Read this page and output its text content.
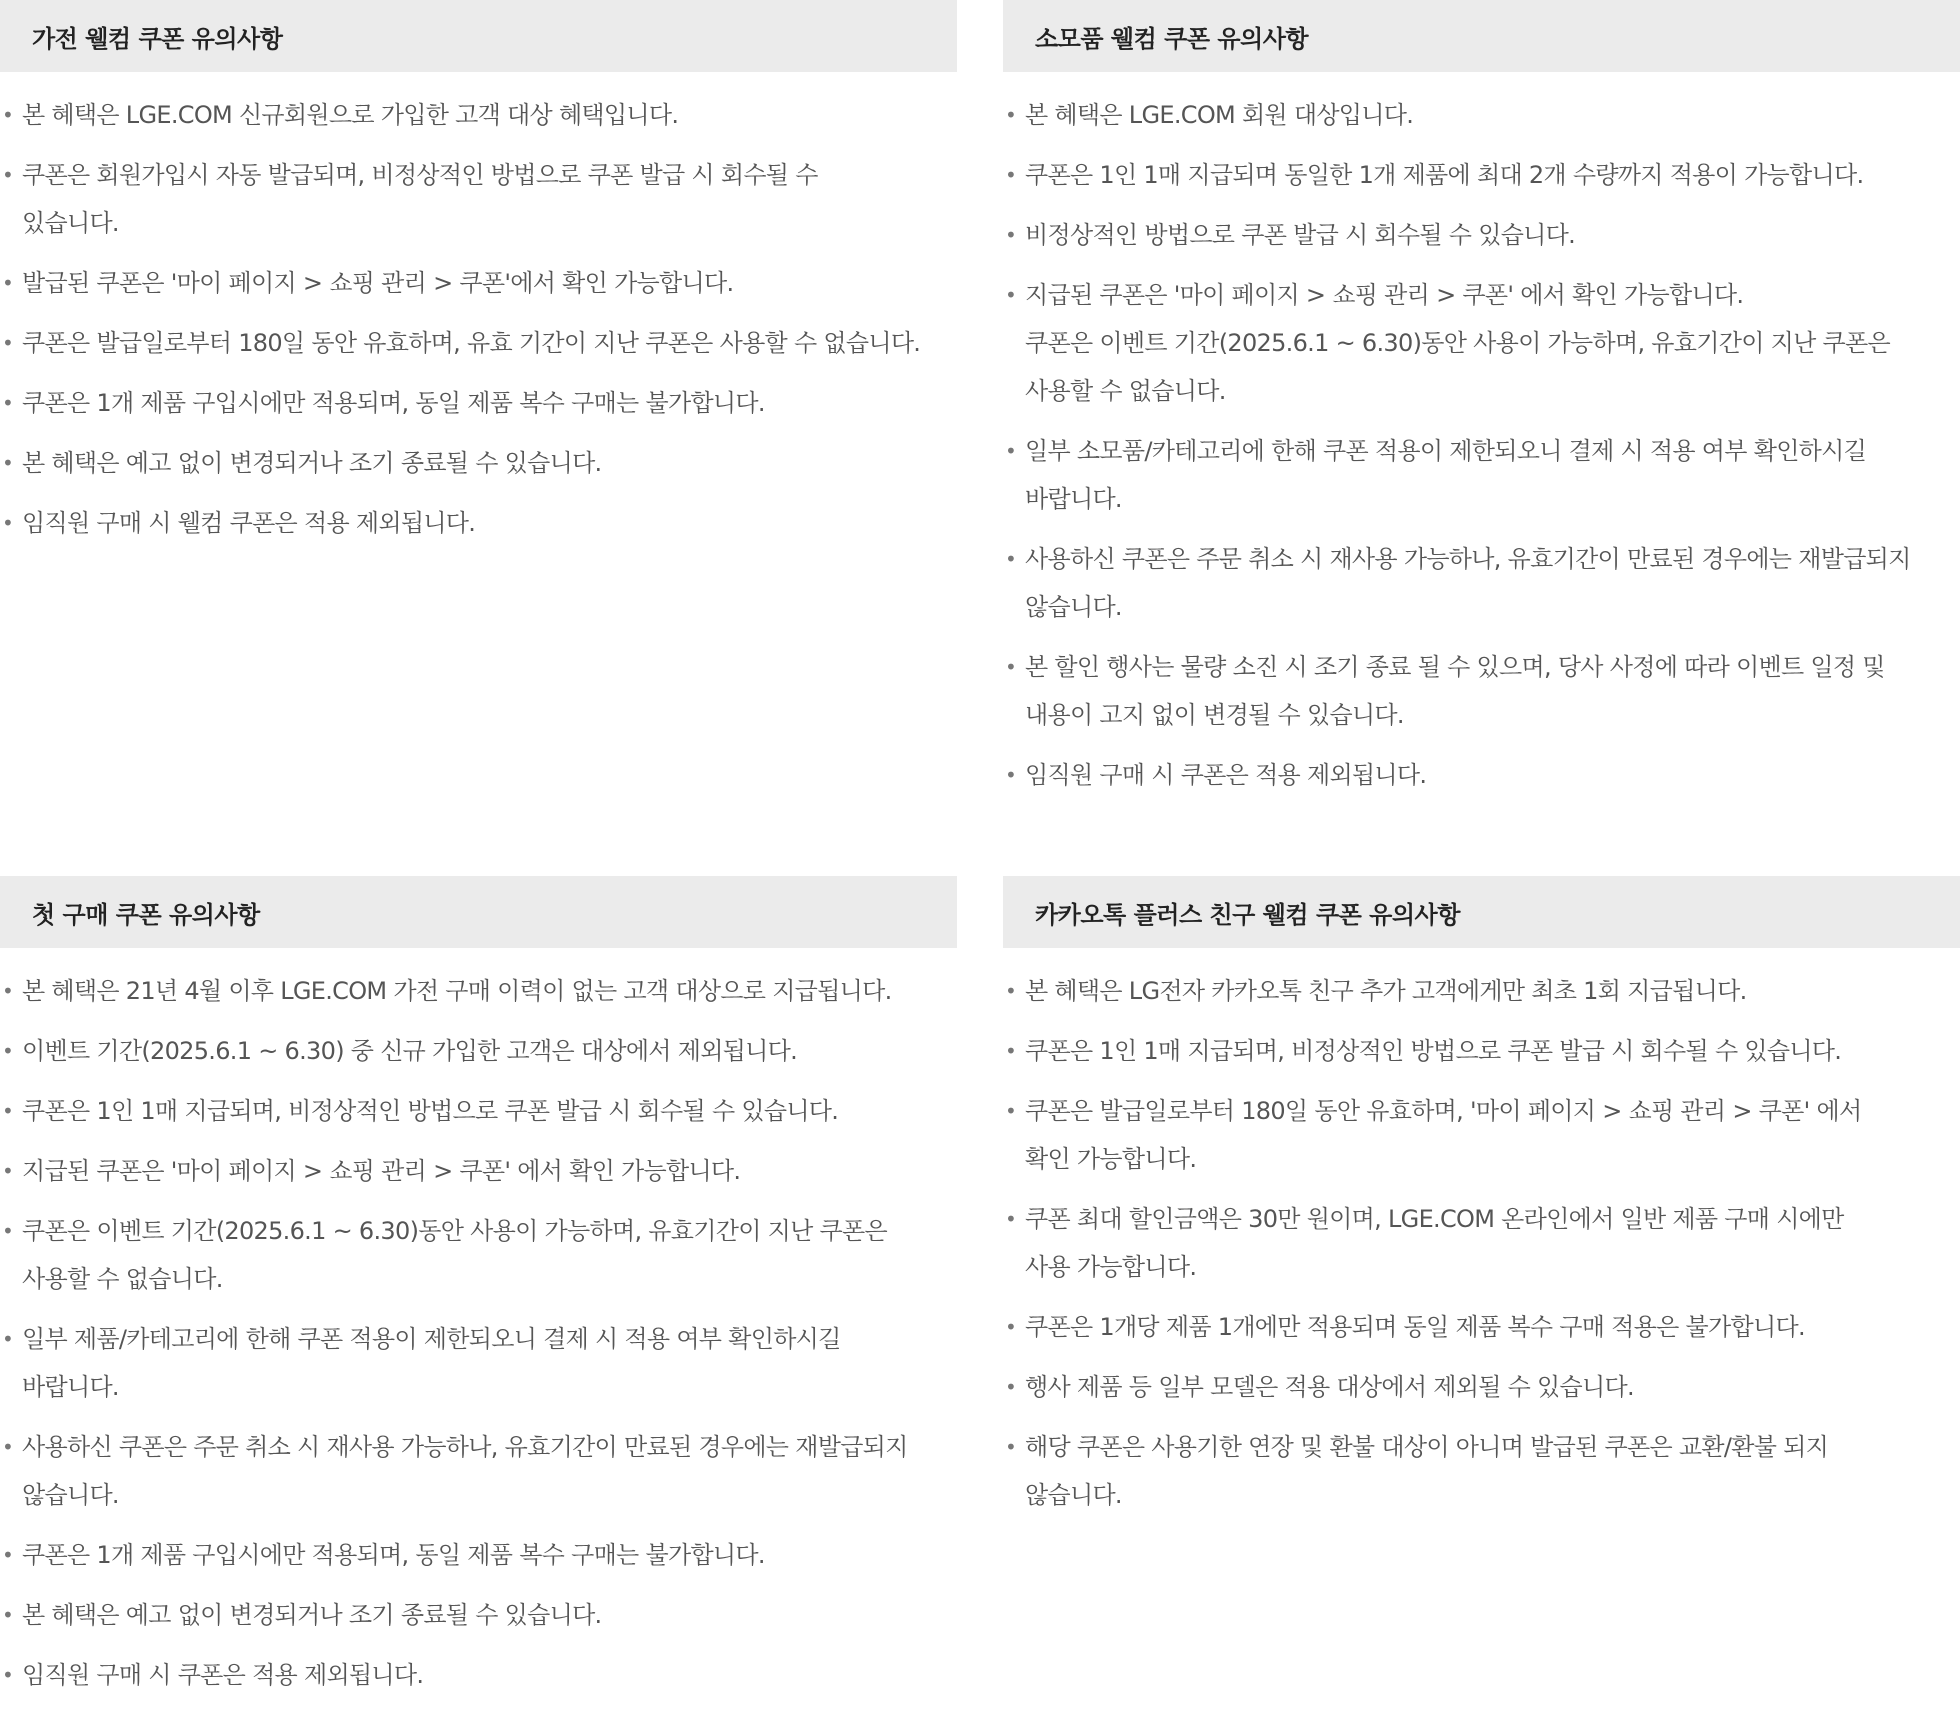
가전 웰컴 쿠폰 유의사항
• 본 혜택은 LGE.COM 신규회원으로 가입한 고객 대상 혜택입니다.
• 쿠폰은 회원가입시 자동 발급되며, 비정상적인 방법으로 쿠폰 발급 시 회수될 수
있습니다.
• 발급된 쿠폰은 '마이 페이지 > 쇼핑 관리 > 쿠폰'에서 확인 가능합니다.
• 쿠폰은 발급일로부터 180일 동안 유효하며, 유효 기간이 지난 쿠폰은 사용할 수 없습니다.
• 쿠폰은 1개 제품 구입시에만 적용되며, 동일 제품 복수 구매는 불가합니다.
• 본 혜택은 예고 없이 변경되거나 조기 종료될 수 있습니다.
• 임직원 구매 시 웰컴 쿠폰은 적용 제외됩니다.
소모품 웰컴 쿠폰 유의사항
• 본 혜택은 LGE.COM 회원 대상입니다.
• 쿠폰은 1인 1매 지급되며 동일한 1개 제품에 최대 2개 수량까지 적용이 가능합니다.
• 비정상적인 방법으로 쿠폰 발급 시 회수될 수 있습니다.
• 지급된 쿠폰은 '마이 페이지 > 쇼핑 관리 > 쿠폰' 에서 확인 가능합니다.
쿠폰은 이벤트 기간(2025.6.1 ~ 6.30)동안 사용이 가능하며, 유효기간이 지난 쿠폰은
사용할 수 없습니다.
• 일부 소모품/카테고리에 한해 쿠폰 적용이 제한되오니 결제 시 적용 여부 확인하시길
바랍니다.
• 사용하신 쿠폰은 주문 취소 시 재사용 가능하나, 유효기간이 만료된 경우에는 재발급되지
않습니다.
• 본 할인 행사는 물량 소진 시 조기 종료 될 수 있으며, 당사 사정에 따라 이벤트 일정 및
내용이 고지 없이 변경될 수 있습니다.
• 임직원 구매 시 쿠폰은 적용 제외됩니다.
첫 구매 쿠폰 유의사항
• 본 혜택은 21년 4월 이후 LGE.COM 가전 구매 이력이 없는 고객 대상으로 지급됩니다.
• 이벤트 기간(2025.6.1 ~ 6.30) 중 신규 가입한 고객은 대상에서 제외됩니다.
• 쿠폰은 1인 1매 지급되며, 비정상적인 방법으로 쿠폰 발급 시 회수될 수 있습니다.
• 지급된 쿠폰은 '마이 페이지 > 쇼핑 관리 > 쿠폰' 에서 확인 가능합니다.
• 쿠폰은 이벤트 기간(2025.6.1 ~ 6.30)동안 사용이 가능하며, 유효기간이 지난 쿠폰은
사용할 수 없습니다.
• 일부 제품/카테고리에 한해 쿠폰 적용이 제한되오니 결제 시 적용 여부 확인하시길
바랍니다.
• 사용하신 쿠폰은 주문 취소 시 재사용 가능하나, 유효기간이 만료된 경우에는 재발급되지
않습니다.
• 쿠폰은 1개 제품 구입시에만 적용되며, 동일 제품 복수 구매는 불가합니다.
• 본 혜택은 예고 없이 변경되거나 조기 종료될 수 있습니다.
• 임직원 구매 시 쿠폰은 적용 제외됩니다.
카카오톡 플러스 친구 웰컴 쿠폰 유의사항
• 본 혜택은 LG전자 카카오톡 친구 추가 고객에게만 최초 1회 지급됩니다.
• 쿠폰은 1인 1매 지급되며, 비정상적인 방법으로 쿠폰 발급 시 회수될 수 있습니다.
• 쿠폰은 발급일로부터 180일 동안 유효하며, '마이 페이지 > 쇼핑 관리 > 쿠폰' 에서
확인 가능합니다.
• 쿠폰 최대 할인금액은 30만 원이며, LGE.COM 온라인에서 일반 제품 구매 시에만
사용 가능합니다.
• 쿠폰은 1개당 제품 1개에만 적용되며 동일 제품 복수 구매 적용은 불가합니다.
• 행사 제품 등 일부 모델은 적용 대상에서 제외될 수 있습니다.
• 해당 쿠폰은 사용기한 연장 및 환불 대상이 아니며 발급된 쿠폰은 교환/환불 되지
않습니다.
